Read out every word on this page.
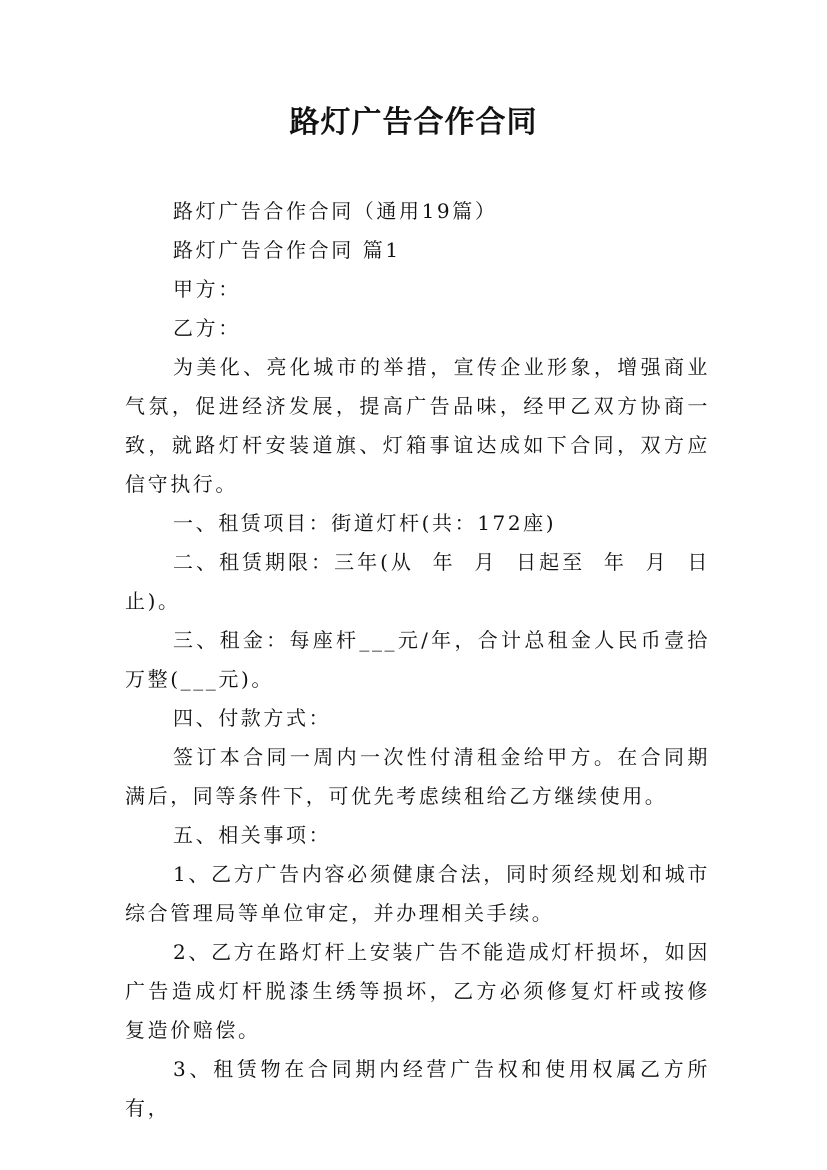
路灯广告合作合同

路灯广告合作合同（通用19篇）

路灯广告合作合同 篇1

甲方：

乙方：

为美化、亮化城市的举措，宣传企业形象，增强商业气氛，促进经济发展，提高广告品味，经甲乙双方协商一致，就路灯杆安装道旗、灯箱事谊达成如下合同，双方应信守执行。

一、租赁项目：街道灯杆(共：172座)

二、租赁期限：三年(从  年  月  日起至  年  月  日止)。

三、租金：每座杆___元/年，合计总租金人民币壹拾万整(___元)。

四、付款方式：

签订本合同一周内一次性付清租金给甲方。在合同期满后，同等条件下，可优先考虑续租给乙方继续使用。

五、相关事项：

1、乙方广告内容必须健康合法，同时须经规划和城市综合管理局等单位审定，并办理相关手续。

2、乙方在路灯杆上安装广告不能造成灯杆损坏，如因广告造成灯杆脱漆生绣等损坏，乙方必须修复灯杆或按修复造价赔偿。

3、租赁物在合同期内经营广告权和使用权属乙方所有，
